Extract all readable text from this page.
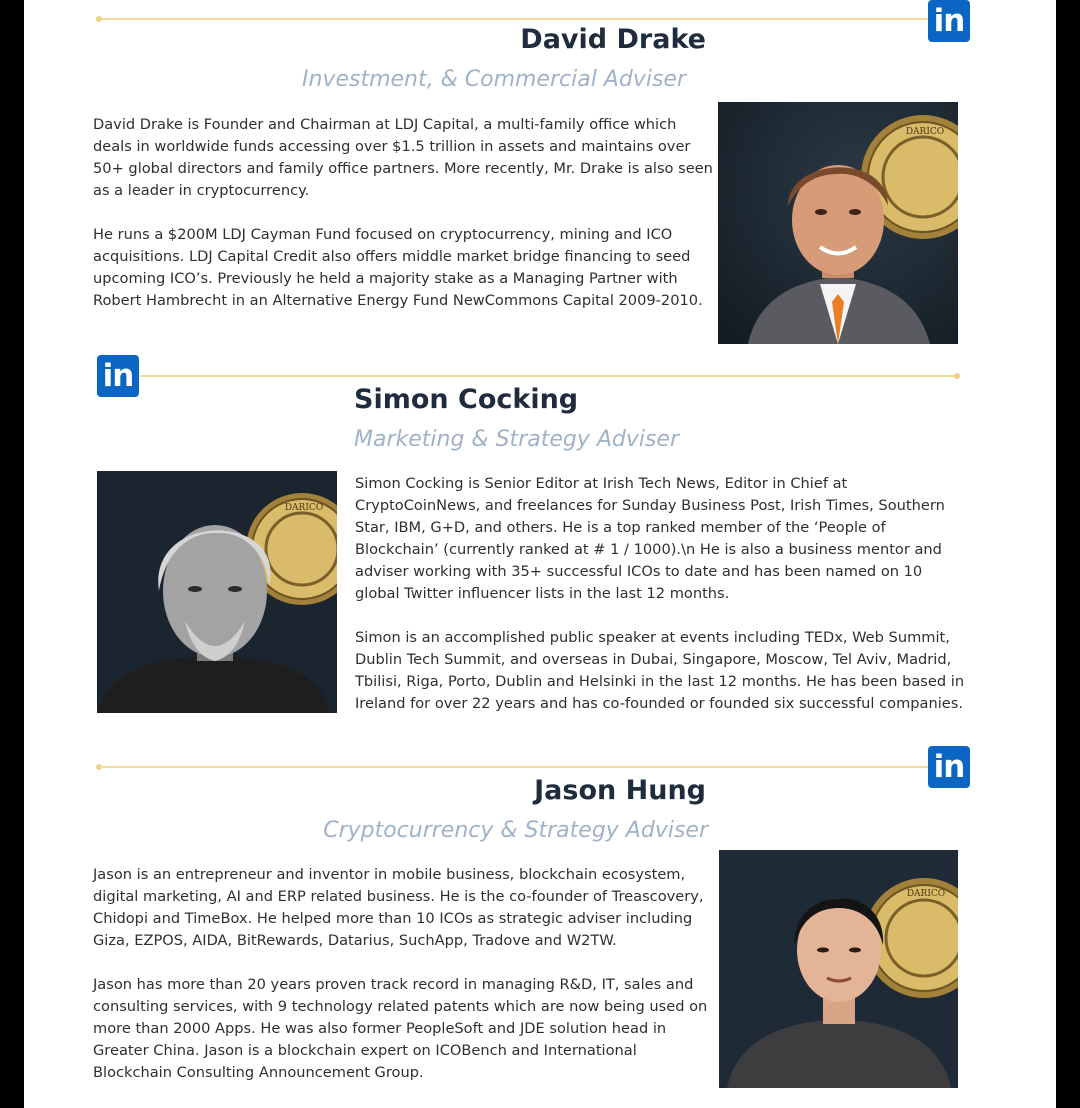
in
David Drake
Investment, & Commercial Adviser

David Drake is Founder and Chairman at LDJ Capital, a multi-family office which deals in worldwide funds accessing over $1.5 trillion in assets and maintains over 50+ global directors and family office partners. More recently, Mr. Drake is also seen as a leader in cryptocurrency.

He runs a $200M LDJ Cayman Fund focused on cryptocurrency, mining and ICO acquisitions. LDJ Capital Credit also offers middle market bridge financing to seed upcoming ICO’s. Previously he held a majority stake as a Managing Partner with Robert Hambrecht in an Alternative Energy Fund NewCommons Capital 2009-2010.

DARICO
in
Simon Cocking
Marketing & Strategy Adviser
DARICO

Simon Cocking is Senior Editor at Irish Tech News, Editor in Chief at CryptoCoinNews, and freelances for Sunday Business Post, Irish Times, Southern Star, IBM, G+D, and others. He is a top ranked member of the ‘People of Blockchain’ (currently ranked at # 1 / 1000).\n He is also a business mentor and adviser working with 35+ successful ICOs to date and has been named on 10 global Twitter influencer lists in the last 12 months.

Simon is an accomplished public speaker at events including TEDx, Web Summit, Dublin Tech Summit, and overseas in Dubai, Singapore, Moscow, Tel Aviv, Madrid, Tbilisi, Riga, Porto, Dublin and Helsinki in the last 12 months. He has been based in Ireland for over 22 years and has co-founded or founded six successful companies.

in
Jason Hung
Cryptocurrency & Strategy Adviser

Jason is an entrepreneur and inventor in mobile business, blockchain ecosystem, digital marketing, AI and ERP related business. He is the co-founder of Treascovery, Chidopi and TimeBox. He helped more than 10 ICOs as strategic adviser including Giza, EZPOS, AIDA, BitRewards, Datarius, SuchApp, Tradove and W2TW.

Jason has more than 20 years proven track record in managing R&D, IT, sales and consulting services, with 9 technology related patents which are now being used on more than 2000 Apps. He was also former PeopleSoft and JDE solution head in Greater China. Jason is a blockchain expert on ICOBench and International Blockchain Consulting Announcement Group.

DARICO
